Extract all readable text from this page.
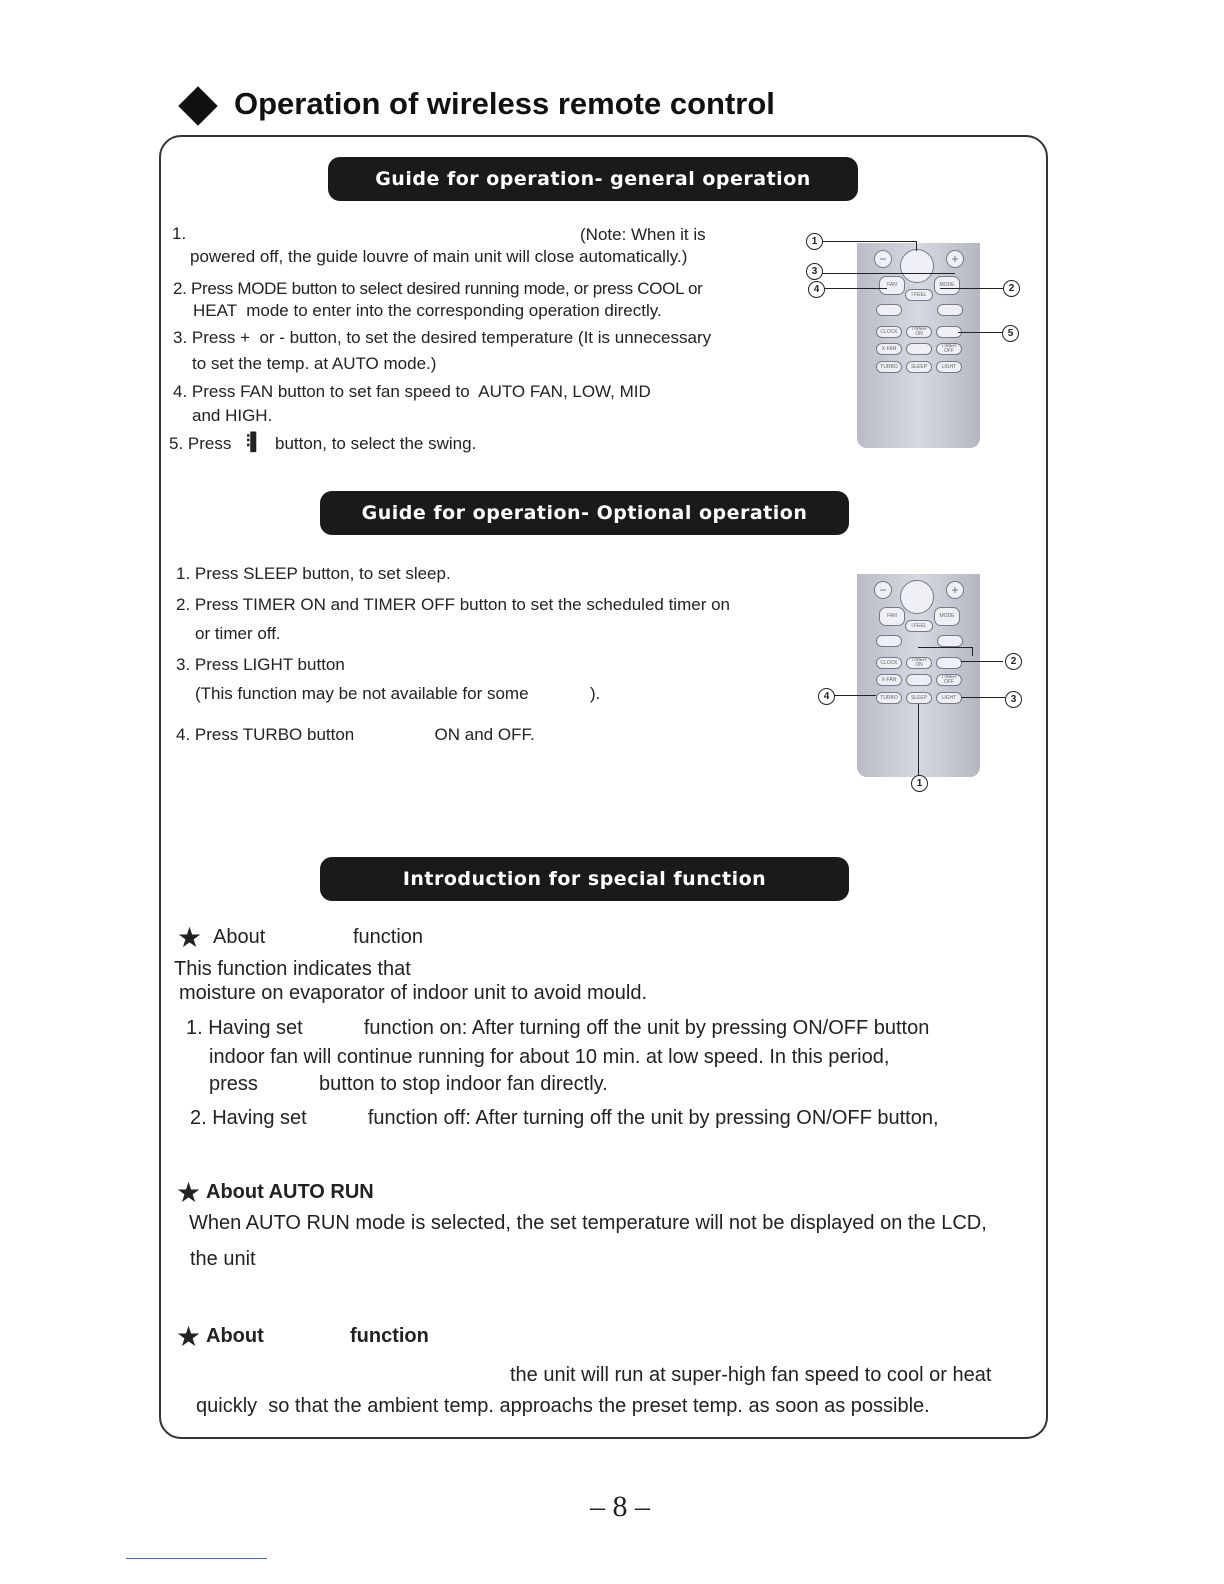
Operation of wireless remote control
Guide for operation- general operation
1.	(Note: When it is
powered off, the guide louvre of main unit will close automatically.)
2. Press MODE button to select desired running mode, or press COOL or
HEAT  mode to enter into the corresponding operation directly.
3. Press +  or - button, to set the desired temperature (It is unnecessary
to set the temp. at AUTO mode.)
4. Press FAN button to set fan speed to  AUTO FAN, LOW, MID
and HIGH.
5. Press ⫶▌ button, to select the swing.
−	+
FAN	MODE
I FEEL
CLOCK	TIMER ON
X-FAN	TIMER OFF
TURBO	SLEEP	LIGHT
1
2
3
4
5
Guide for operation- Optional operation
1. Press SLEEP button, to set sleep.
2. Press TIMER ON and TIMER OFF button to set the scheduled timer on
or timer off.
3. Press LIGHT button
(This function may be not available for some             ).
4. Press TURBO button                 ON and OFF.
−	+
FAN	MODE
I FEEL
CLOCK	TIMER ON
X-FAN	TIMER OFF
TURBO	SLEEP	LIGHT
1
2
3
4
Introduction for special function
★ About	function
This function indicates that
moisture on evaporator of indoor unit to avoid mould.
1. Having set           function on: After turning off the unit by pressing ON/OFF button
indoor fan will continue running for about 10 min. at low speed. In this period,
press           button to stop indoor fan directly.
2. Having set           function off: After turning off the unit by pressing ON/OFF button,
★ About AUTO RUN
When AUTO RUN mode is selected, the set temperature will not be displayed on the LCD,
the unit
★ About	function
the unit will run at super-high fan speed to cool or heat
quickly  so that the ambient temp. approachs the preset temp. as soon as possible.
– 8 –
